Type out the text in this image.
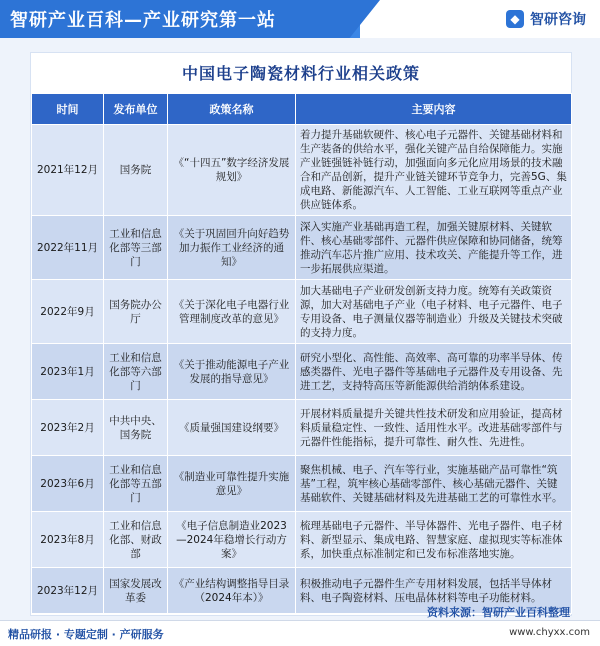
智研产业百科—产业研究第一站	◆ 智研咨询
中国电子陶瓷材料行业相关政策
时间	发布单位	政策名称	主要内容
2021年12月	国务院	《“十四五”数字经济发展规划》	着力提升基础软硬件、核心电子元器件、关键基础材料和生产装备的供给水平，强化关键产品自给保障能力。实施产业链强链补链行动，加强面向多元化应用场景的技术融合和产品创新，提升产业链关键环节竞争力，完善5G、集成电路、新能源汽车、人工智能、工业互联网等重点产业供应链体系。
2022年11月	工业和信息化部等三部门	《关于巩固回升向好趋势加力振作工业经济的通知》	深入实施产业基础再造工程，加强关键原材料、关键软件、核心基础零部件、元器件供应保障和协同储备，统筹推动汽车芯片推广应用、技术攻关、产能提升等工作，进一步拓展供应渠道。
2022年9月	国务院办公厅	《关于深化电子电器行业管理制度改革的意见》	加大基础电子产业研发创新支持力度。统筹有关政策资源，加大对基础电子产业（电子材料、电子元器件、电子专用设备、电子测量仪器等制造业）升级及关键技术突破的支持力度。
2023年1月	工业和信息化部等六部门	《关于推动能源电子产业发展的指导意见》	研究小型化、高性能、高效率、高可靠的功率半导体、传感类器件、光电子器件等基础电子元器件及专用设备、先进工艺，支持特高压等新能源供给消纳体系建设。
2023年2月	中共中央、国务院	《质量强国建设纲要》	开展材料质量提升关键共性技术研发和应用验证，提高材料质量稳定性、一致性、适用性水平。改进基础零部件与元器件性能指标，提升可靠性、耐久性、先进性。
2023年6月	工业和信息化部等五部门	《制造业可靠性提升实施意见》	聚焦机械、电子、汽车等行业，实施基础产品可靠性“筑基”工程，筑牢核心基础零部件、核心基础元器件、关键基础软件、关键基础材料及先进基础工艺的可靠性水平。
2023年8月	工业和信息化部、财政部	《电子信息制造业2023—2024年稳增长行动方案》	梳理基础电子元器件、半导体器件、光电子器件、电子材料、新型显示、集成电路、智慧家庭、虚拟现实等标准体系，加快重点标准制定和已发布标准落地实施。
2023年12月	国家发展改革委	《产业结构调整指导目录（2024年本）》	积极推动电子元器件生产专用材料发展，包括半导体材料、电子陶瓷材料、压电晶体材料等电子功能材料。
资料来源：智研产业百科整理
精品研报 · 专题定制 · 产研服务	www.chyxx.com
